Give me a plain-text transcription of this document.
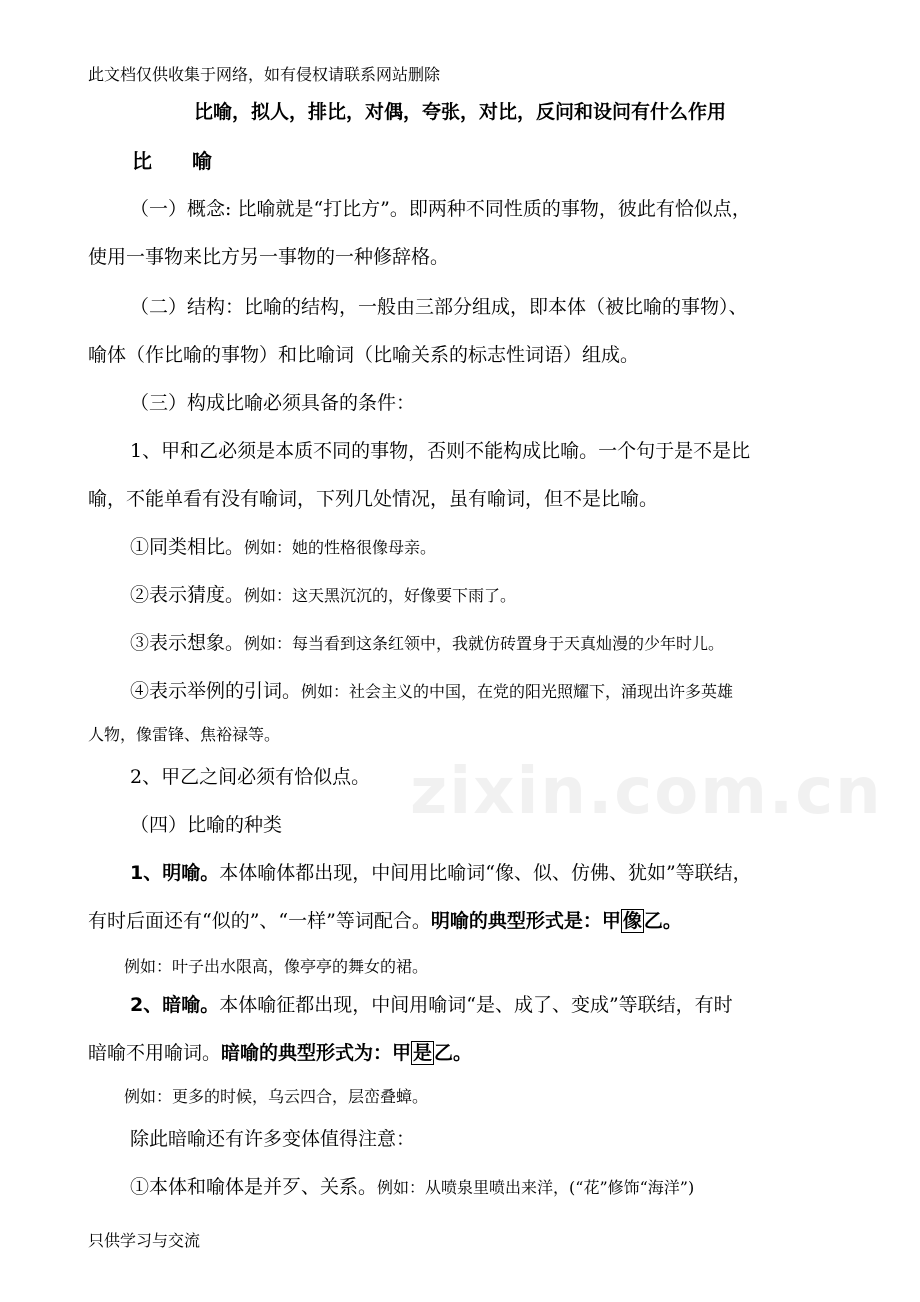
zixin.com.cn
此文档仅供收集于网络，如有侵权请联系网站删除
比喻，拟人，排比，对偶，夸张，对比，反问和设问有什么作用
比 喻
（一）概念: 比喻就是“打比方”。即两种不同性质的事物，彼此有恰似点，
使用一事物来比方另一事物的一种修辞格。
（二）结构：比喻的结构，一般由三部分组成，即本体（被比喻的事物）、
喻体（作比喻的事物）和比喻词（比喻关系的标志性词语）组成。
（三）构成比喻必须具备的条件：
1、甲和乙必须是本质不同的事物，否则不能构成比喻。一个句于是不是比
喻，不能单看有没有喻词，下列几处情况，虽有喻词，但不是比喻。
①同类相比。例如：她的性格很像母亲。
②表示猜度。例如：这天黑沉沉的，好像要下雨了。
③表示想象。例如：每当看到这条红领中，我就仿砖置身于天真灿漫的少年时儿。
④表示举例的引词。例如：社会主义的中国，在党的阳光照耀下，涌现出许多英雄
人物，像雷锋、焦裕禄等。
2、甲乙之间必须有恰似点。
（四）比喻的种类
1、明喻。本体喻体都出现，中间用比喻词“像、似、仿佛、犹如”等联结，
有时后面还有“似的”、“一样”等词配合。明喻的典型形式是：甲 像 乙。
例如：叶子出水限高，像亭亭的舞女的裙。
2、暗喻。本体喻征都出现，中间用喻词“是、成了、变成”等联结，有时
暗喻不用喻词。暗喻的典型形式为：甲 是 乙。
例如：更多的时候，乌云四合，层峦叠蟑。
除此暗喻还有许多变体值得注意：
①本体和喻体是并歹、关系。例如：从喷泉里喷出来洋，(“花”修饰“海洋”)
只供学习与交流
